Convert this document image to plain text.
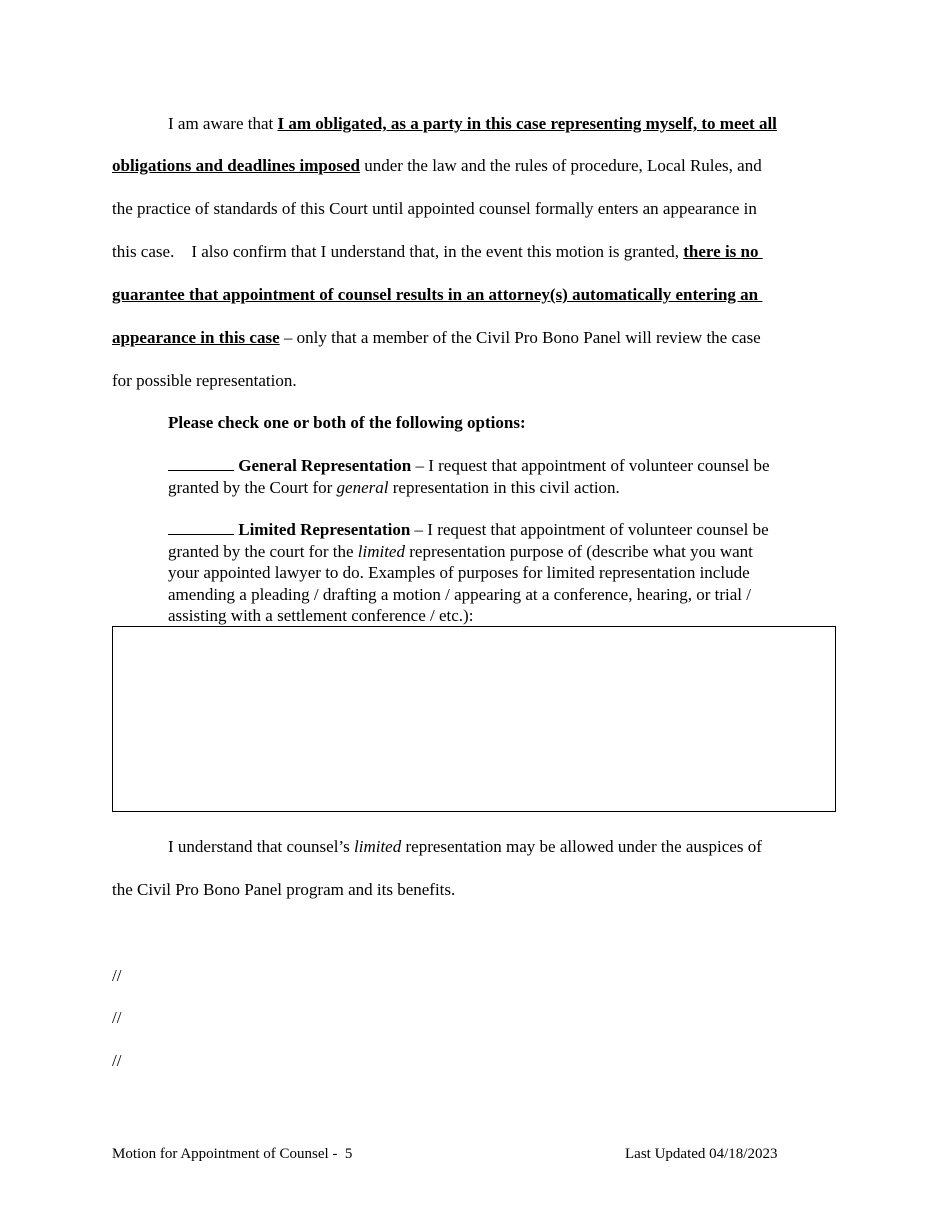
I am aware that I am obligated, as a party in this case representing myself, to meet all
obligations and deadlines imposed under the law and the rules of procedure, Local Rules, and
the practice of standards of this Court until appointed counsel formally enters an appearance in
this case.    I also confirm that I understand that, in the event this motion is granted, there is no
guarantee that appointment of counsel results in an attorney(s) automatically entering an
appearance in this case – only that a member of the Civil Pro Bono Panel will review the case
for possible representation.
Please check one or both of the following options:
General Representation – I request that appointment of volunteer counsel be
granted by the Court for general representation in this civil action.
Limited Representation – I request that appointment of volunteer counsel be
granted by the court for the limited representation purpose of (describe what you want
your appointed lawyer to do. Examples of purposes for limited representation include
amending a pleading / drafting a motion / appearing at a conference, hearing, or trial /
assisting with a settlement conference / etc.):
I understand that counsel’s limited representation may be allowed under the auspices of
the Civil Pro Bono Panel program and its benefits.
//
//
//
Motion for Appointment of Counsel -  5	Last Updated 04/18/2023
